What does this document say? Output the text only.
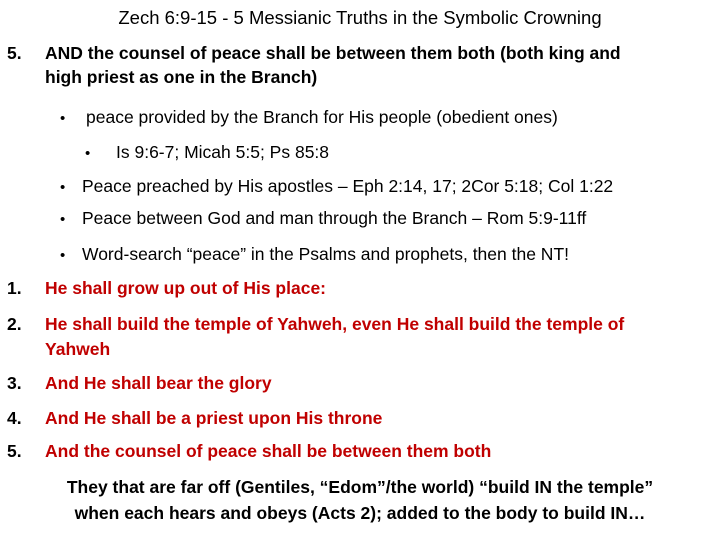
Zech 6:9-15 - 5 Messianic Truths in the Symbolic Crowning
5. AND the counsel of peace shall be between them both (both king and
high priest as one in the Branch)
• peace provided by the Branch for His people (obedient ones)
• Is 9:6-7; Micah 5:5; Ps 85:8
• Peace preached by His apostles – Eph 2:14, 17; 2Cor 5:18; Col 1:22
• Peace between God and man through the Branch – Rom 5:9-11ff
• Word-search “peace” in the Psalms and prophets, then the NT!
1. He shall grow up out of His place:
2. He shall build the temple of Yahweh, even He shall build the temple of
Yahweh
3. And He shall bear the glory
4. And He shall be a priest upon His throne
5. And the counsel of peace shall be between them both
They that are far off (Gentiles, “Edom”/the world) “build IN the temple”
when each hears and obeys (Acts 2); added to the body to build IN…
